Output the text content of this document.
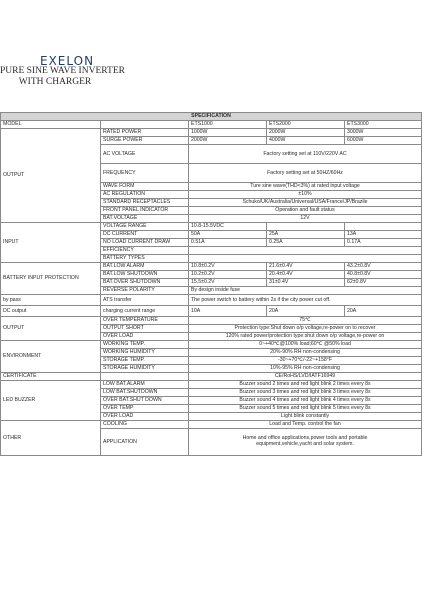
EXELON
PURE SINE WAVE INVERTER
WITH CHARGER
SPECIFICATION				
MODEL		ETS1000	ETS2000	ETS3000
OUTPUT	RATED POWER	1000W	2000W	3000W
	SURGE POWER	2000W	4000W	6000W
	AC VOLTAGE	Factory setting set at 110V/220V AC		
	FREQUENCY	Factory setting set at 50HZ/60Hz		
	WAVE FORM	Ture sine wave(THD<3%) at rated input voltage		
	AC REGULATION	±10%		
	STANDARD RECEPTACLES	Schuko/UK/Australia/Universal/USA/France/JP/Brazile		
	FRONT PANEL INDICATOR	Operation and fault status		
	BAT.VOLTAGE	12V		
INPUT	VOLTAGE RANGE	10.8-15.5VDC		
	DC CURRENT	50A	25A	13A
	NO LOAD CURRENT DRAW	0.51A	0.25A	0.17A
	EFFICIENCY			
	BATTERY TYPES			
BATTERY INPUT PROTECTION	BAT.LOW ALARM	10.8±0.2V	21.6±0.4V	43.2±0.8V
	BAT.LOW SHUTDOWN	10.2±0.2V	20.4±0.4V	40.8±0.8V
	BAT.OVER SHUTDOWN	15.5±0.2V	31±0.4V	62±0.8V
	REVERSE POLARITY	By design inside fuse		
by pass	ATS transfer	The power switch to battery within 2s if the city power cut off.		
DC output	charging current range	10A	20A	20A
OUTPUT	OVER TEMPERATURE	75℃		
	OUTPUT SHORT	Protection type:Shut down o/p voltage,re-power on to recover		
	OVER LOAD	120% rated power/protection type:shut down o/p voltage,re-power on		
ENVIRONMENT	WORKING TEMP.	0~+40℃@100% load;60℃ @50% load		
	WORKING HUMIDITY	20%-90% RH non-condensing		
	STORAGE TEMP.	-30~+70℃/-22~+158°F		
	STORAGE HUMIDITY	10%-95% RH non-condensing		
CERTIFICATE		CE/RoHS/LVD/IATF16949		
LED BUZZER	LOW BAT.ALARM	Buzzer sound 2 times and red light blink 2 times every 8s		
	LOW BAT.SHUTDOWN	Buzzer sound 3 times and red light blink 3 times every 8s		
	OVER BAT.SHUT DOWN	Buzzer sound 4 times and red light blink 4 times every 8s		
	OVER TEMP	Buzzer sound 5 times and red light blink 5 times every 8s		
	OVER LOAD	Light blink constantly		
OTHER	COOLING	Load and Temp. control the fan		
	APPLICATION	Home and office applications,power tools and portable
equipment,vehicle,yacht and solar system.		
